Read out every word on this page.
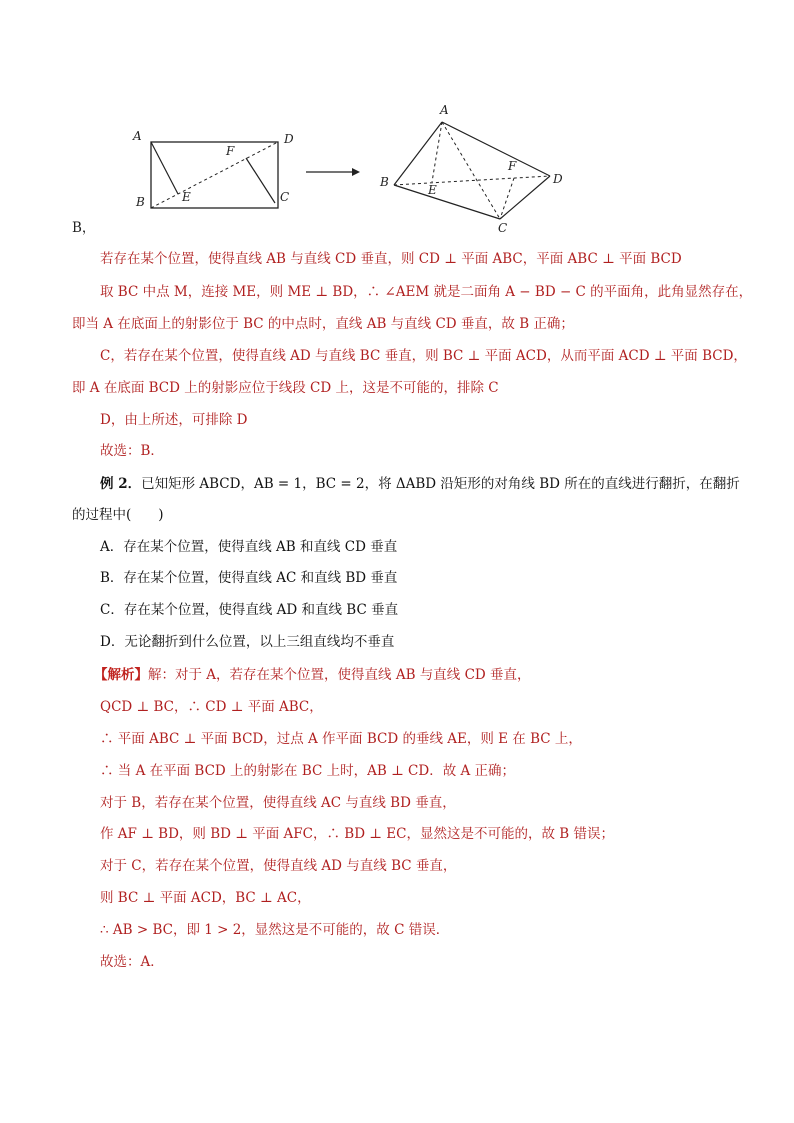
A	D
F
B	E	C
A
F
D
B
E
C
B，
若存在某个位置，使得直线 AB 与直线 CD 垂直，则 CD ⊥ 平面 ABC，平面 ABC ⊥ 平面 BCD
取 BC 中点 M，连接 ME，则 ME ⊥ BD，∴ ∠AEM 就是二面角 A − BD − C 的平面角，此角显然存在，
即当 A 在底面上的射影位于 BC 的中点时，直线 AB 与直线 CD 垂直，故 B 正确；
C，若存在某个位置，使得直线 AD 与直线 BC 垂直，则 BC ⊥ 平面 ACD，从而平面 ACD ⊥ 平面 BCD，
即 A 在底面 BCD 上的射影应位于线段 CD 上，这是不可能的，排除 C
D，由上所述，可排除 D
故选：B．
例 2．已知矩形 ABCD，AB = 1，BC = 2，将 ΔABD 沿矩形的对角线 BD 所在的直线进行翻折，在翻折
的过程中(　　)
A．存在某个位置，使得直线 AB 和直线 CD 垂直
B．存在某个位置，使得直线 AC 和直线 BD 垂直
C．存在某个位置，使得直线 AD 和直线 BC 垂直
D．无论翻折到什么位置，以上三组直线均不垂直
【解析】解：对于 A，若存在某个位置，使得直线 AB 与直线 CD 垂直，
QCD ⊥ BC，∴ CD ⊥ 平面 ABC，
∴ 平面 ABC ⊥ 平面 BCD，过点 A 作平面 BCD 的垂线 AE，则 E 在 BC 上，
∴ 当 A 在平面 BCD 上的射影在 BC 上时，AB ⊥ CD．故 A 正确；
对于 B，若存在某个位置，使得直线 AC 与直线 BD 垂直，
作 AF ⊥ BD，则 BD ⊥ 平面 AFC，∴ BD ⊥ EC，显然这是不可能的，故 B 错误；
对于 C，若存在某个位置，使得直线 AD 与直线 BC 垂直，
则 BC ⊥ 平面 ACD，BC ⊥ AC，
∴ AB > BC，即 1 > 2，显然这是不可能的，故 C 错误．
故选：A．
